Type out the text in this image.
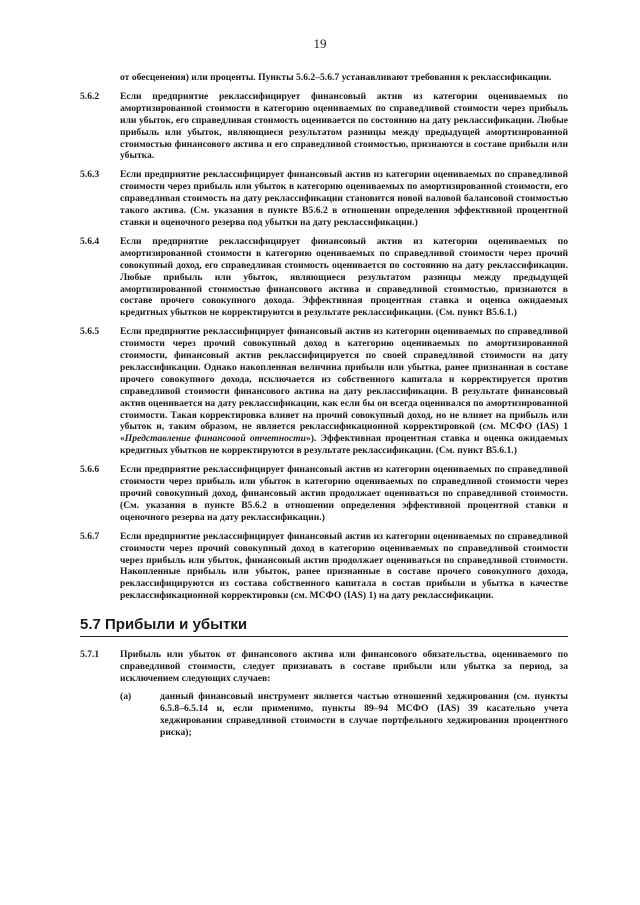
19
от обесценения) или проценты. Пункты 5.6.2–5.6.7 устанавливают требования к реклассификации.
5.6.2	Если предприятие реклассифицирует финансовый актив из категории оцениваемых по амортизированной стоимости в категорию оцениваемых по справедливой стоимости через прибыль или убыток, его справедливая стоимость оценивается по состоянию на дату реклассификации. Любые прибыль или убыток, являющиеся результатом разницы между предыдущей амортизированной стоимостью финансового актива и его справедливой стоимостью, признаются в составе прибыли или убытка.
5.6.3	Если предприятие реклассифицирует финансовый актив из категории оцениваемых по справедливой стоимости через прибыль или убыток в категорию оцениваемых по амортизированной стоимости, его справедливая стоимость на дату реклассификации становится новой валовой балансовой стоимостью такого актива. (См. указания в пункте B5.6.2 в отношении определения эффективной процентной ставки и оценочного резерва под убытки на дату реклассификации.)
5.6.4	Если предприятие реклассифицирует финансовый актив из категории оцениваемых по амортизированной стоимости в категорию оцениваемых по справедливой стоимости через прочий совокупный доход, его справедливая стоимость оценивается по состоянию на дату реклассификации. Любые прибыль или убыток, являющиеся результатом разницы между предыдущей амортизированной стоимостью финансового актива и справедливой стоимостью, признаются в составе прочего совокупного дохода. Эффективная процентная ставка и оценка ожидаемых кредитных убытков не корректируются в результате реклассификации. (См. пункт B5.6.1.)
5.6.5	Если предприятие реклассифицирует финансовый актив из категории оцениваемых по справедливой стоимости через прочий совокупный доход в категорию оцениваемых по амортизированной стоимости, финансовый актив реклассифицируется по своей справедливой стоимости на дату реклассификации. Однако накопленная величина прибыли или убытка, ранее признанная в составе прочего совокупного дохода, исключается из собственного капитала и корректируется против справедливой стоимости финансового актива на дату реклассификации. В результате финансовый актив оценивается на дату реклассификации, как если бы он всегда оценивался по амортизированной стоимости. Такая корректировка влияет на прочий совокупный доход, но не влияет на прибыль или убыток и, таким образом, не является реклассификационной корректировкой (см. МСФО (IAS) 1 «Представление финансовой отчетности»). Эффективная процентная ставка и оценка ожидаемых кредитных убытков не корректируются в результате реклассификации. (См. пункт B5.6.1.)
5.6.6	Если предприятие реклассифицирует финансовый актив из категории оцениваемых по справедливой стоимости через прибыль или убыток в категорию оцениваемых по справедливой стоимости через прочий совокупный доход, финансовый актив продолжает оцениваться по справедливой стоимости. (См. указания в пункте B5.6.2 в отношении определения эффективной процентной ставки и оценочного резерва на дату реклассификации.)
5.6.7	Если предприятие реклассифицирует финансовый актив из категории оцениваемых по справедливой стоимости через прочий совокупный доход в категорию оцениваемых по справедливой стоимости через прибыль или убыток, финансовый актив продолжает оцениваться по справедливой стоимости. Накопленные прибыль или убыток, ранее признанные в составе прочего совокупного дохода, реклассифицируются из состава собственного капитала в состав прибыли и убытка в качестве реклассификационной корректировки (см. МСФО (IAS) 1) на дату реклассификации.
5.7 Прибыли и убытки
5.7.1	Прибыль или убыток от финансового актива или финансового обязательства, оцениваемого по справедливой стоимости, следует признавать в составе прибыли или убытка за период, за исключением следующих случаев:
(a)	данный финансовый инструмент является частью отношений хеджирования (см. пункты 6.5.8–6.5.14 и, если применимо, пункты 89–94 МСФО (IAS) 39 касательно учета хеджирования справедливой стоимости в случае портфельного хеджирования процентного риска);
